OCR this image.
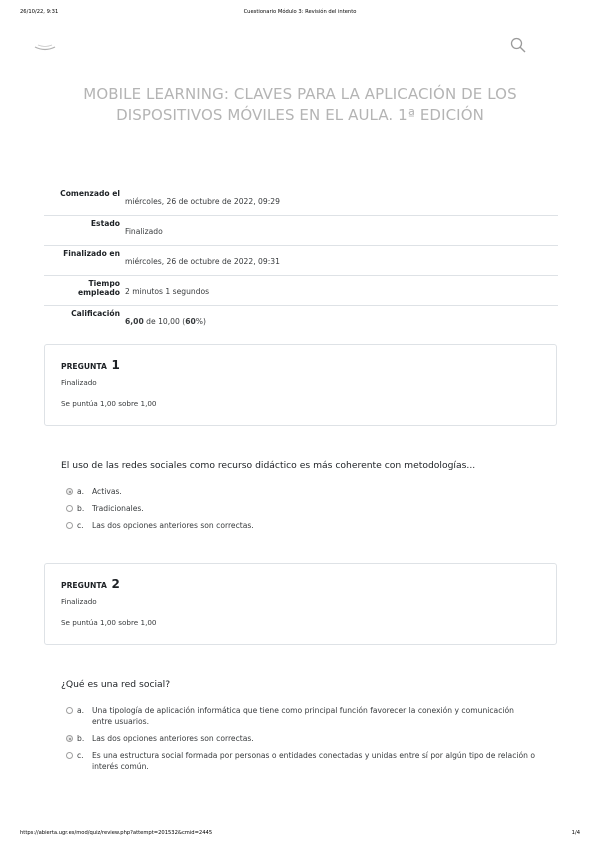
26/10/22, 9:31	Cuestionario Módulo 3: Revisión del intento
MOBILE LEARNING: CLAVES PARA LA APLICACIÓN DE LOS DISPOSITIVOS MÓVILES EN EL AULA. 1ª EDICIÓN
Comenzado el
miércoles, 26 de octubre de 2022, 09:29
Estado
Finalizado
Finalizado en
miércoles, 26 de octubre de 2022, 09:31
Tiempo empleado 2 minutos 1 segundos
Calificación
6,00 de 10,00 (60%)
PREGUNTA 1
Finalizado
Se puntúa 1,00 sobre 1,00
El uso de las redes sociales como recurso didáctico es más coherente con metodologías...
a.	Activas.
b.	Tradicionales.
c.	Las dos opciones anteriores son correctas.
PREGUNTA 2
Finalizado
Se puntúa 1,00 sobre 1,00
¿Qué es una red social?
a.	Una tipología de aplicación informática que tiene como principal función favorecer la conexión y comunicación entre usuarios.
b.	Las dos opciones anteriores son correctas.
c.	Es una estructura social formada por personas o entidades conectadas y unidas entre sí por algún tipo de relación o interés común.
https://abierta.ugr.es/mod/quiz/review.php?attempt=201532&cmid=2445	1/4
